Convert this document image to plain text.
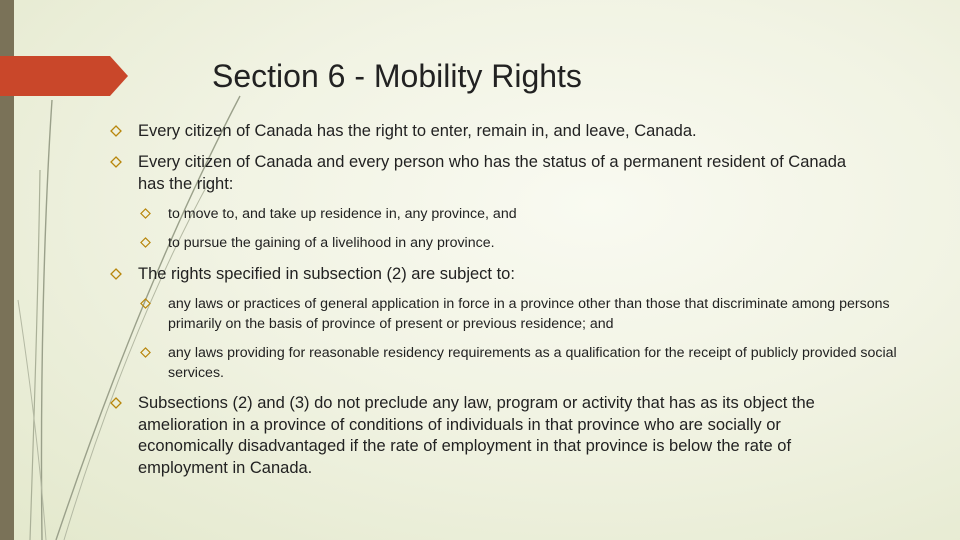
Section 6 - Mobility Rights
Every citizen of Canada has the right to enter, remain in, and leave, Canada.
Every citizen of Canada and every person who has the status of a permanent resident of Canada has the right:
to move to, and take up residence in, any province, and
to pursue the gaining of a livelihood in any province.
The rights specified in subsection (2) are subject to:
any laws or practices of general application in force in a province other than those that discriminate among persons primarily on the basis of province of present or previous residence; and
any laws providing for reasonable residency requirements as a qualification for the receipt of publicly provided social services.
Subsections (2) and (3) do not preclude any law, program or activity that has as its object the amelioration in a province of conditions of individuals in that province who are socially or economically disadvantaged if the rate of employment in that province is below the rate of employment in Canada.
